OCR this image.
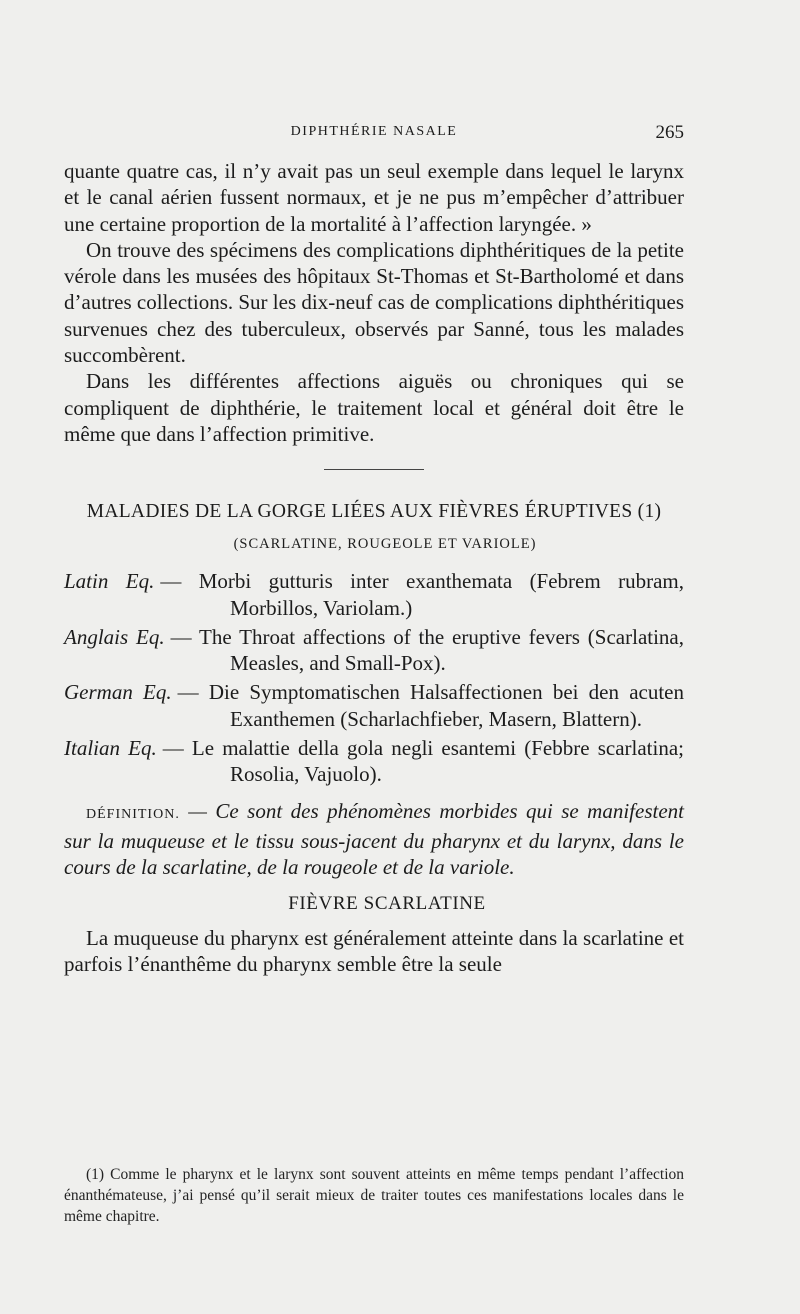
DIPHTHÉRIE NASALE	265

quante quatre cas, il n’y avait pas un seul exemple dans lequel le larynx et le canal aérien fussent normaux, et je ne pus m’empêcher d’attribuer une certaine proportion de la mortalité à l’affection laryngée. »

On trouve des spécimens des complications diphthéritiques de la petite vérole dans les musées des hôpitaux St-Thomas et St-Bartholomé et dans d’autres collections. Sur les dix-neuf cas de complications diphthéritiques survenues chez des tuberculeux, observés par Sanné, tous les malades succombèrent.

Dans les différentes affections aiguës ou chroniques qui se compliquent de diphthérie, le traitement local et général doit être le même que dans l’affection primitive.

MALADIES DE LA GORGE LIÉES AUX FIÈVRES ÉRUPTIVES (1)
(SCARLATINE, ROUGEOLE ET VARIOLE)
Latin Eq. — Morbi gutturis inter exanthemata (Febrem rubram, Morbillos, Variolam.)
Anglais Eq. — The Throat affections of the eruptive fevers (Scarlatina, Measles, and Small-Pox).
German Eq. — Die Symptomatischen Halsaffectionen bei den acuten Exanthemen (Scharlachfieber, Masern, Blattern).
Italian Eq. — Le malattie della gola negli esantemi (Febbre scarlatina; Rosolia, Vajuolo).

DÉFINITION. — Ce sont des phénomènes morbides qui se manifestent sur la muqueuse et le tissu sous-jacent du pharynx et du larynx, dans le cours de la scarlatine, de la rougeole et de la variole.

FIÈVRE SCARLATINE

La muqueuse du pharynx est généralement atteinte dans la scarlatine et parfois l’énanthême du pharynx semble être la seule

(1) Comme le pharynx et le larynx sont souvent atteints en même temps pendant l’affection énanthémateuse, j’ai pensé qu’il serait mieux de traiter toutes ces manifestations locales dans le même chapitre.
